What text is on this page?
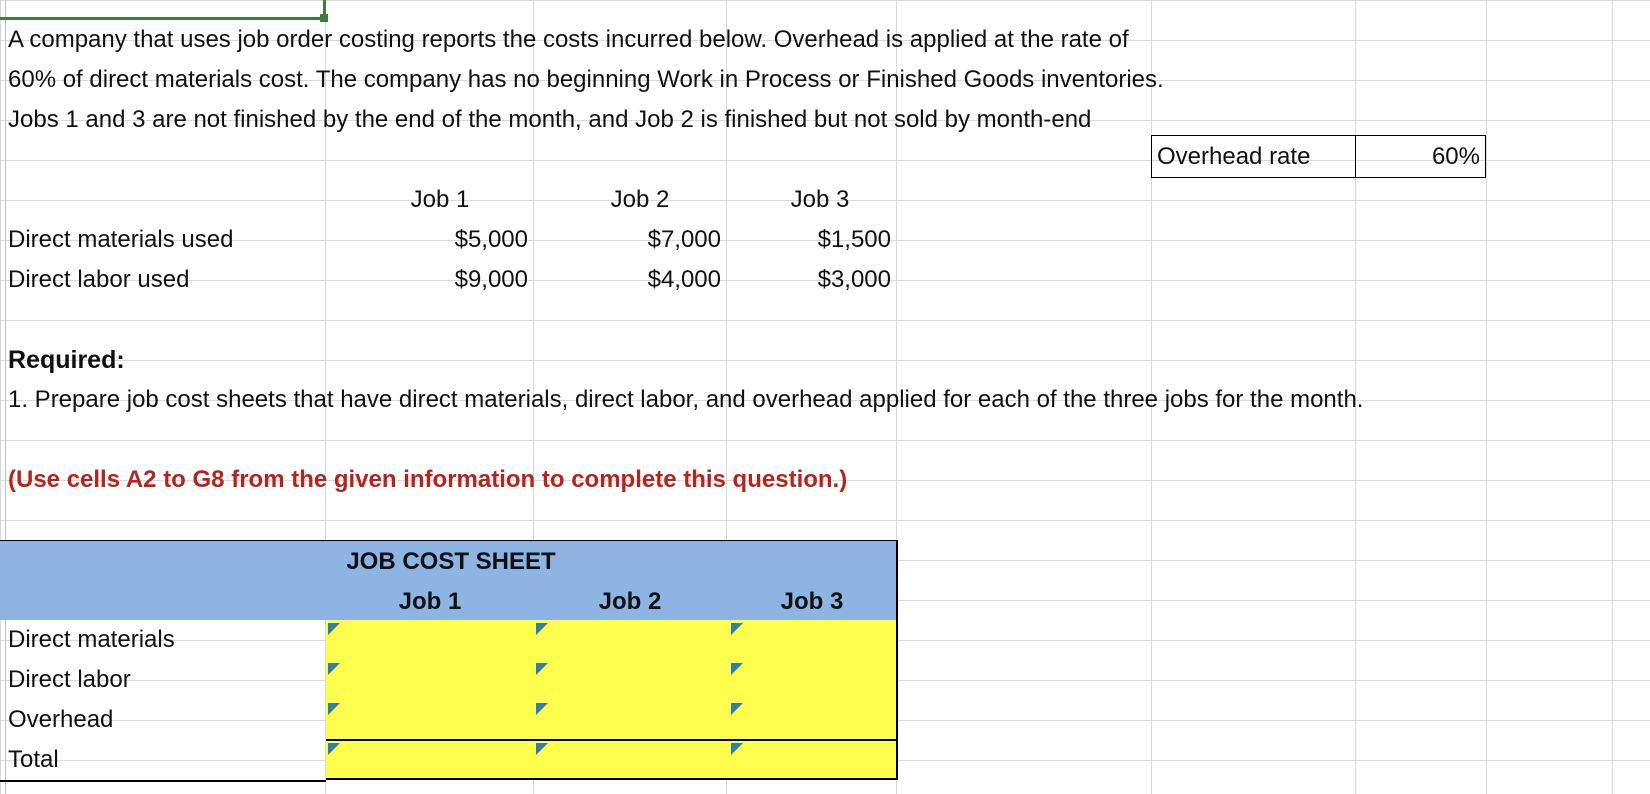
A company that uses job order costing reports the costs incurred below. Overhead is applied at the rate of
60% of direct materials cost. The company has no beginning Work in Process or Finished Goods inventories.
Jobs 1 and 3 are not finished by the end of the month, and Job 2 is finished but not sold by month-end
Overhead rate	60%
Job 1	Job 2	Job 3
Direct materials used	$5,000	$7,000	$1,500
Direct labor used	$9,000	$4,000	$3,000
Required:
1. Prepare job cost sheets that have direct materials, direct labor, and overhead applied for each of the three jobs for the month.
(Use cells A2 to G8 from the given information to complete this question.)
JOB COST SHEET
Job 1	Job 2	Job 3
Direct materials
Direct labor
Overhead
Total
